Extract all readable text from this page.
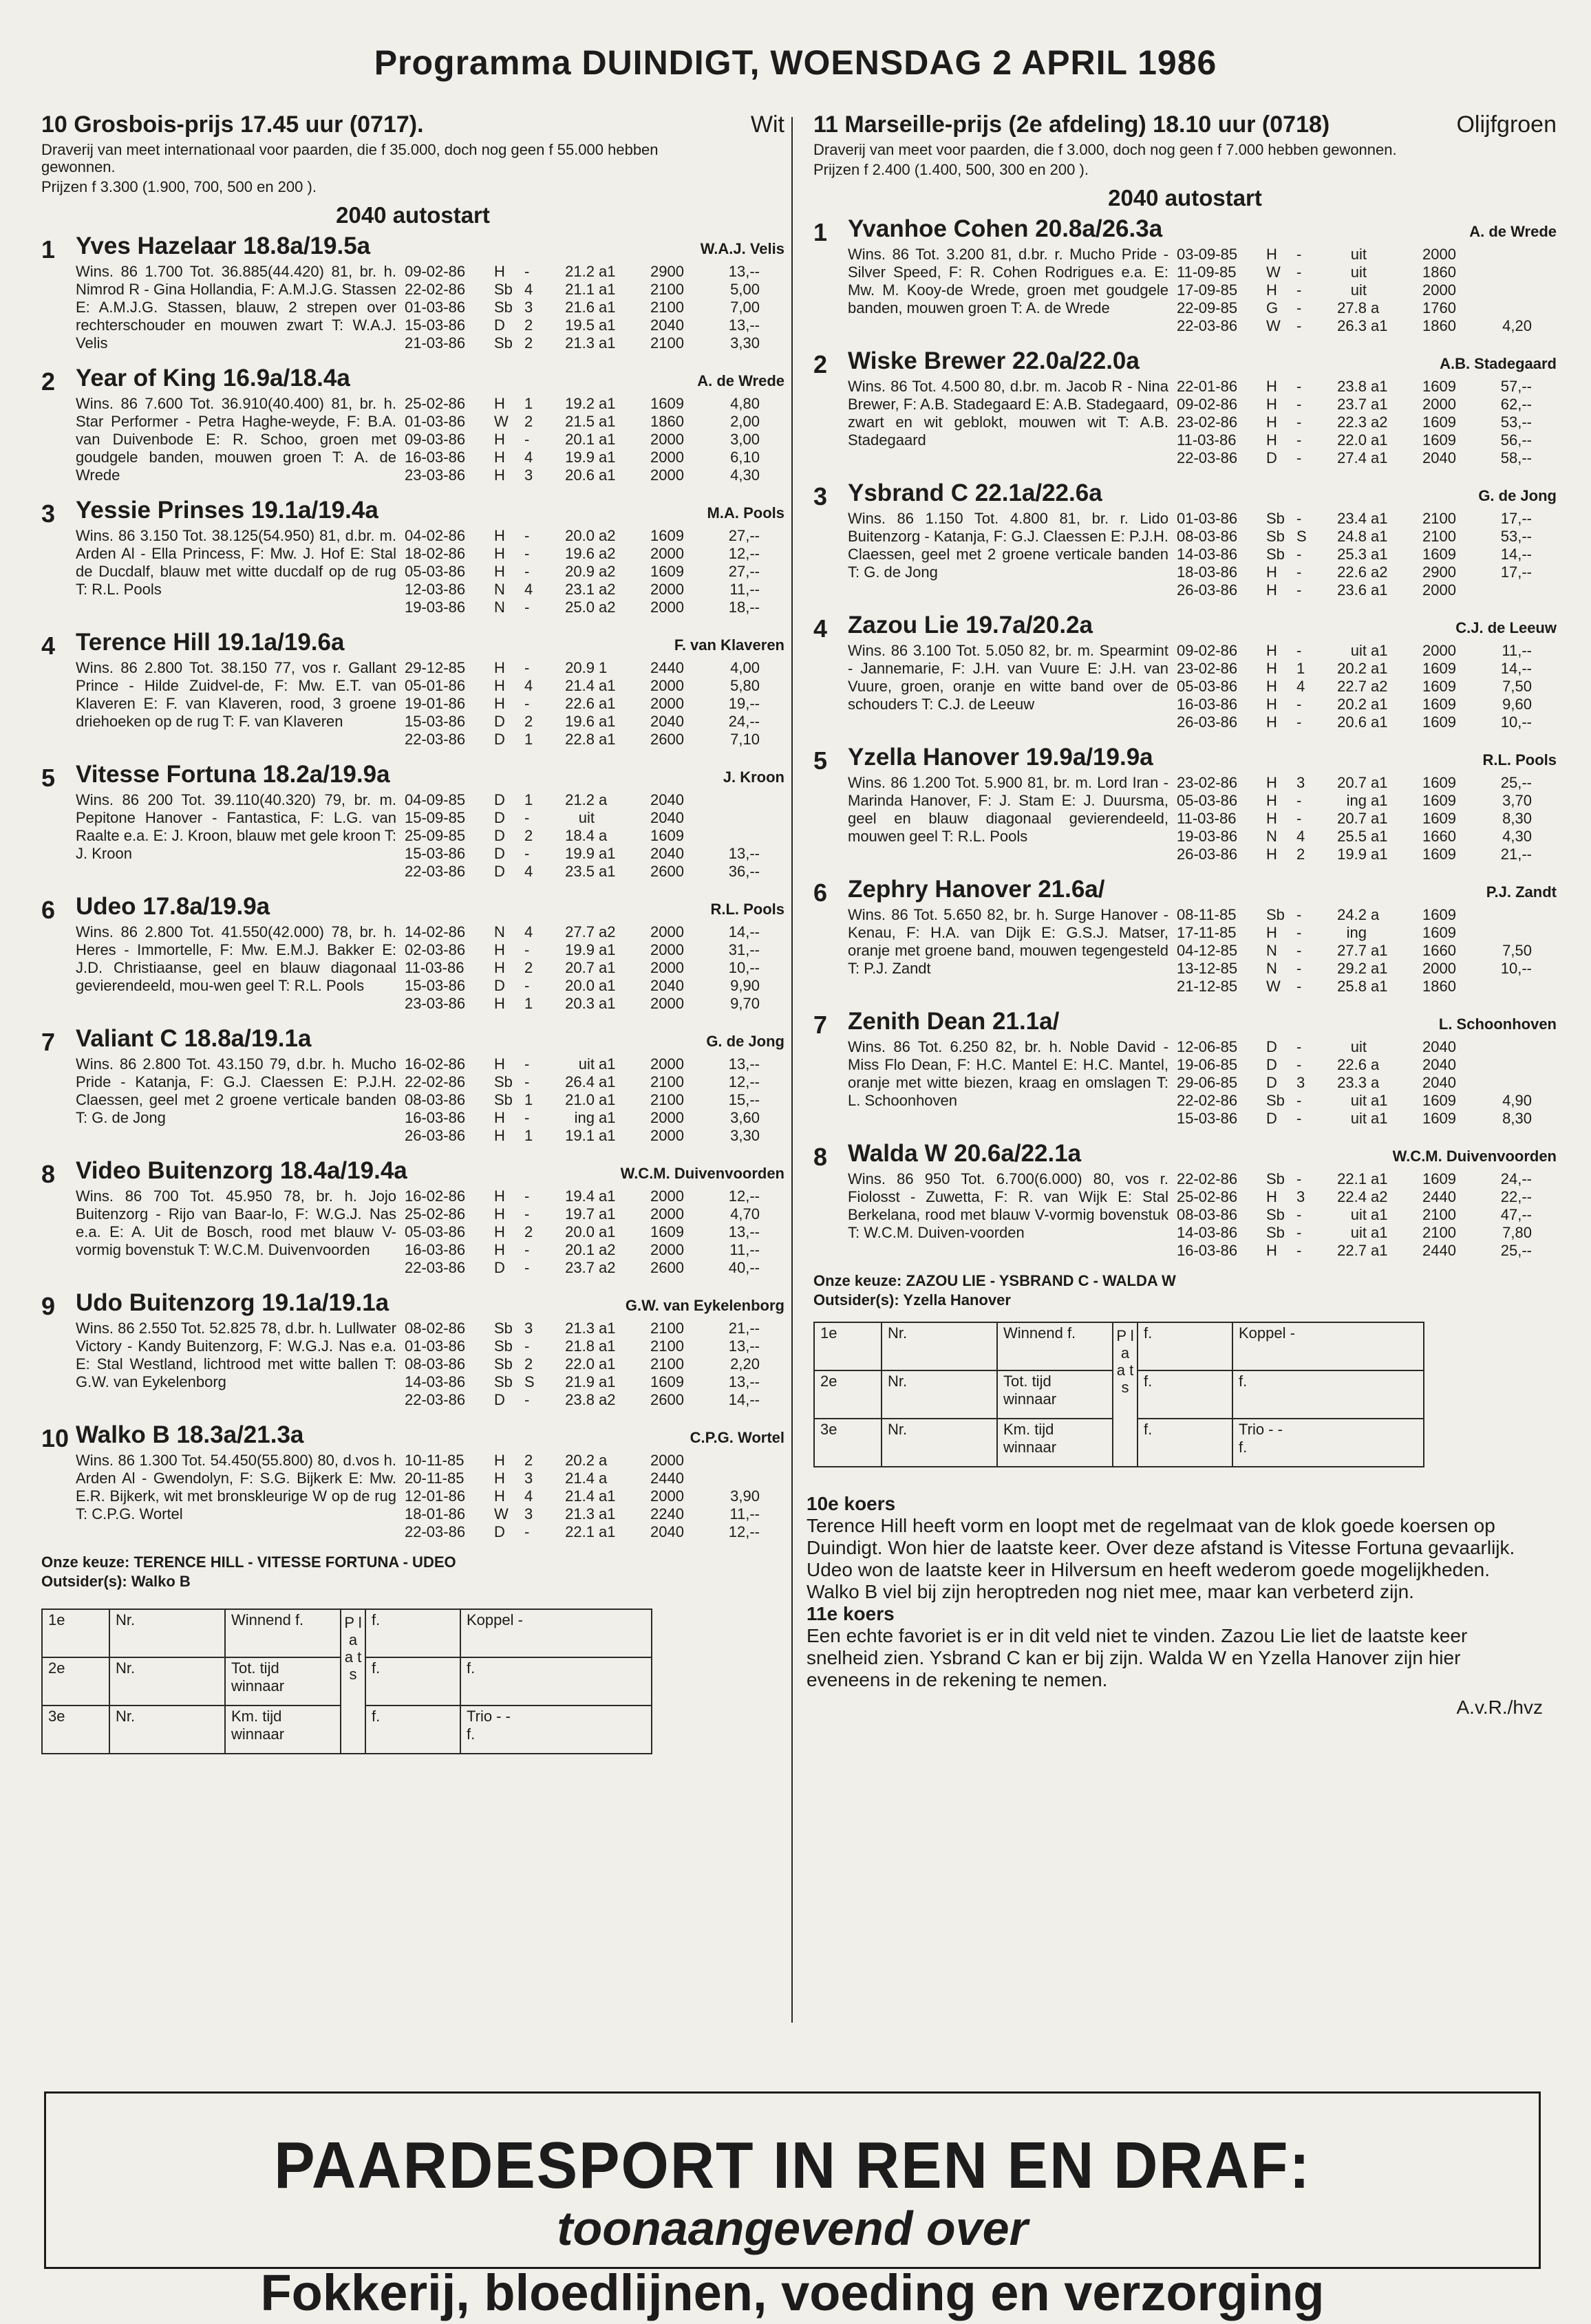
Programma DUINDIGT, WOENSDAG 2 APRIL 1986
10 Grosbois-prijs 17.45 uur (0717).	Wit
Draverij van meet internationaal voor paarden, die f 35.000, doch nog geen f 55.000 hebben gewonnen.
Prijzen f 3.300 (1.900, 700, 500 en 200 ).
2040 autostart
1 Yves Hazelaar 18.8a/19.5a	W.A.J. Velis
Wins. 86 1.700 Tot. 36.885(44.420) 81, br. h. Nimrod R - Gina Hollandia, F: A.M.J.G. Stassen E: A.M.J.G. Stassen, blauw, 2 strepen over rechterschouder en mouwen zwart T: W.A.J. Velis
09-02-86	H	-	21.2 a1	2900	13,--
22-02-86	Sb 4	21.1 a1	2100	5,00
01-03-86	Sb 3	21.6 a1	2100	7,00
15-03-86	D	2	19.5 a1	2040	13,--
21-03-86	Sb 2	21.3 a1	2100	3,30
2 Year of King 16.9a/18.4a	A. de Wrede
Wins. 86 7.600 Tot. 36.910(40.400) 81, br. h. Star Performer - Petra Haghe-weyde, F: B.A. van Duivenbode E: R. Schoo, groen met goudgele banden, mouwen groen T: A. de Wrede
25-02-86	H	1	19.2 a1	1609	4,80
01-03-86	W	2	21.5 a1	1860	2,00
09-03-86	H	-	20.1 a1	2000	3,00
16-03-86	H	4	19.9 a1	2000	6,10
23-03-86	H	3	20.6 a1	2000	4,30
3 Yessie Prinses 19.1a/19.4a	M.A. Pools
Wins. 86 3.150 Tot. 38.125(54.950) 81, d.br. m. Arden Al - Ella Princess, F: Mw. J. Hof E: Stal de Ducdalf, blauw met witte ducdalf op de rug T: R.L. Pools
04-02-86	H	-	20.0 a2	1609	27,--
18-02-86	H	-	19.6 a2	2000	12,--
05-03-86	H	-	20.9 a2	1609	27,--
12-03-86	N	4	23.1 a2	2000	11,--
19-03-86	N	-	25.0 a2	2000	18,--
4 Terence Hill 19.1a/19.6a	F. van Klaveren
Wins. 86 2.800 Tot. 38.150 77, vos r. Gallant Prince - Hilde Zuidvel-de, F: Mw. E.T. van Klaveren E: F. van Klaveren, rood, 3 groene driehoeken op de rug T: F. van Klaveren
29-12-85	H	-	20.9 1	2440	4,00
05-01-86	H	4	21.4 a1	2000	5,80
19-01-86	H	-	22.6 a1	2000	19,--
15-03-86	D	2	19.6 a1	2040	24,--
22-03-86	D	1	22.8 a1	2600	7,10
5 Vitesse Fortuna 18.2a/19.9a	J. Kroon
Wins. 86 200 Tot. 39.110(40.320) 79, br. m. Pepitone Hanover - Fantastica, F: L.G. van Raalte e.a. E: J. Kroon, blauw met gele kroon T: J. Kroon
04-09-85	D	1	21.2 a	2040
15-09-85	D	-	uit	2040
25-09-85	D	2	18.4 a	1609
15-03-86	D	-	19.9 a1	2040	13,--
22-03-86	D	4	23.5 a1	2600	36,--
6 Udeo 17.8a/19.9a	R.L. Pools
Wins. 86 2.800 Tot. 41.550(42.000) 78, br. h. Heres - Immortelle, F: Mw. E.M.J. Bakker E: J.D. Christiaanse, geel en blauw diagonaal gevierendeeld, mou-wen geel T: R.L. Pools
14-02-86	N	4	27.7 a2	2000	14,--
02-03-86	H	-	19.9 a1	2000	31,--
11-03-86	H	2	20.7 a1	2000	10,--
15-03-86	D	-	20.0 a1	2040	9,90
23-03-86	H	1	20.3 a1	2000	9,70
7 Valiant C 18.8a/19.1a	G. de Jong
Wins. 86 2.800 Tot. 43.150 79, d.br. h. Mucho Pride - Katanja, F: G.J. Claessen E: P.J.H. Claessen, geel met 2 groene verticale banden T: G. de Jong
16-02-86	H	-	uit a1	2000	13,--
22-02-86	Sb -	26.4 a1	2100	12,--
08-03-86	Sb 1	21.0 a1	2100	15,--
16-03-86	H	-	ing a1	2000	3,60
26-03-86	H	1	19.1 a1	2000	3,30
8 Video Buitenzorg 18.4a/19.4a	W.C.M. Duivenvoorden
Wins. 86 700 Tot. 45.950 78, br. h. Jojo Buitenzorg - Rijo van Baar-lo, F: W.G.J. Nas e.a. E: A. Uit de Bosch, rood met blauw V-vormig bovenstuk T: W.C.M. Duivenvoorden
16-02-86	H	-	19.4 a1	2000	12,--
25-02-86	H	-	19.7 a1	2000	4,70
05-03-86	H	2	20.0 a1	1609	13,--
16-03-86	H	-	20.1 a2	2000	11,--
22-03-86	D	-	23.7 a2	2600	40,--
9 Udo Buitenzorg 19.1a/19.1a	G.W. van Eykelenborg
Wins. 86 2.550 Tot. 52.825 78, d.br. h. Lullwater Victory - Kandy Buitenzorg, F: W.G.J. Nas e.a. E: Stal Westland, lichtrood met witte ballen T: G.W. van Eykelenborg
08-02-86	Sb 3	21.3 a1	2100	21,--
01-03-86	Sb -	21.8 a1	2100	13,--
08-03-86	Sb 2	22.0 a1	2100	2,20
14-03-86	Sb S	21.9 a1	1609	13,--
22-03-86	D	-	23.8 a2	2600	14,--
10 Walko B 18.3a/21.3a	C.P.G. Wortel
Wins. 86 1.300 Tot. 54.450(55.800) 80, d.vos h. Arden Al - Gwendolyn, F: S.G. Bijkerk E: Mw. E.R. Bijkerk, wit met bronskleurige W op de rug T: C.P.G. Wortel
10-11-85	H	2	20.2 a	2000
20-11-85	H	3	21.4 a	2440
12-01-86	H	4	21.4 a1	2000	3,90
18-01-86	W	3	21.3 a1	2240	11,--
22-03-86	D	-	22.1 a1	2040	12,--
Onze keuze: TERENCE HILL - VITESSE FORTUNA - UDEO
Outsider(s): Walko B
1e	Nr.	Winnend f.	P l a a t s	f.	Koppel -

2e	Nr.	Tot. tijd winnaar		f.	f.
3e	Nr.	Km. tijd winnaar		f.	Trio - -
f.
11 Marseille-prijs (2e afdeling) 18.10 uur (0718)	Olijfgroen
Draverij van meet voor paarden, die f 3.000, doch nog geen f 7.000 hebben gewonnen.
Prijzen f 2.400 (1.400, 500, 300 en 200 ).
2040 autostart
1 Yvanhoe Cohen 20.8a/26.3a	A. de Wrede
Wins. 86 Tot. 3.200 81, d.br. r. Mucho Pride - Silver Speed, F: R. Cohen Rodrigues e.a. E: Mw. M. Kooy-de Wrede, groen met goudgele banden, mouwen groen T: A. de Wrede
03-09-85	H	-	uit	2000
11-09-85	W	-	uit	1860
17-09-85	H	-	uit	2000
22-09-85	G	-	27.8 a	1760
22-03-86	W	-	26.3 a1	1860	4,20
2 Wiske Brewer 22.0a/22.0a	A.B. Stadegaard
Wins. 86 Tot. 4.500 80, d.br. m. Jacob R - Nina Brewer, F: A.B. Stadegaard E: A.B. Stadegaard, zwart en wit geblokt, mouwen wit T: A.B. Stadegaard
22-01-86	H	-	23.8 a1	1609	57,--
09-02-86	H	-	23.7 a1	2000	62,--
23-02-86	H	-	22.3 a2	1609	53,--
11-03-86	H	-	22.0 a1	1609	56,--
22-03-86	D	-	27.4 a1	2040	58,--
3 Ysbrand C 22.1a/22.6a	G. de Jong
Wins. 86 1.150 Tot. 4.800 81, br. r. Lido Buitenzorg - Katanja, F: G.J. Claessen E: P.J.H. Claessen, geel met 2 groene verticale banden T: G. de Jong
01-03-86	Sb -	23.4 a1	2100	17,--
08-03-86	Sb S	24.8 a1	2100	53,--
14-03-86	Sb -	25.3 a1	1609	14,--
18-03-86	H	-	22.6 a2	2900	17,--
26-03-86	H	-	23.6 a1	2000
4 Zazou Lie 19.7a/20.2a	C.J. de Leeuw
Wins. 86 3.100 Tot. 5.050 82, br. m. Spearmint - Jannemarie, F: J.H. van Vuure E: J.H. van Vuure, groen, oranje en witte band over de schouders T: C.J. de Leeuw
09-02-86	H	-	uit a1	2000	11,--
23-02-86	H	1	20.2 a1	1609	14,--
05-03-86	H	4	22.7 a2	1609	7,50
16-03-86	H	-	20.2 a1	1609	9,60
26-03-86	H	-	20.6 a1	1609	10,--
5 Yzella Hanover 19.9a/19.9a	R.L. Pools
Wins. 86 1.200 Tot. 5.900 81, br. m. Lord Iran - Marinda Hanover, F: J. Stam E: J. Duursma, geel en blauw diagonaal gevierendeeld, mouwen geel T: R.L. Pools
23-02-86	H	3	20.7 a1	1609	25,--
05-03-86	H	-	ing a1	1609	3,70
11-03-86	H	-	20.7 a1	1609	8,30
19-03-86	N	4	25.5 a1	1660	4,30
26-03-86	H	2	19.9 a1	1609	21,--
6 Zephry Hanover 21.6a/	P.J. Zandt
Wins. 86 Tot. 5.650 82, br. h. Surge Hanover - Kenau, F: H.A. van Dijk E: G.S.J. Matser, oranje met groene band, mouwen tegengesteld T: P.J. Zandt
08-11-85	Sb -	24.2 a	1609
17-11-85	H	-	ing	1609
04-12-85	N	-	27.7 a1	1660	7,50
13-12-85	N	-	29.2 a1	2000	10,--
21-12-85	W	-	25.8 a1	1860
7 Zenith Dean 21.1a/	L. Schoonhoven
Wins. 86 Tot. 6.250 82, br. h. Noble David - Miss Flo Dean, F: H.C. Mantel E: H.C. Mantel, oranje met witte biezen, kraag en omslagen T: L. Schoonhoven
12-06-85	D	-	uit	2040
19-06-85	D	-	22.6 a	2040
29-06-85	D	3	23.3 a	2040
22-02-86	Sb -	uit a1	1609	4,90
15-03-86	D	-	uit a1	1609	8,30
8 Walda W 20.6a/22.1a	W.C.M. Duivenvoorden
Wins. 86 950 Tot. 6.700(6.000) 80, vos r. Fiolosst - Zuwetta, F: R. van Wijk E: Stal Berkelana, rood met blauw V-vormig bovenstuk T: W.C.M. Duiven-voorden
22-02-86	Sb -	22.1 a1	1609	24,--
25-02-86	H	3	22.4 a2	2440	22,--
08-03-86	Sb -	uit a1	2100	47,--
14-03-86	Sb -	uit a1	2100	7,80
16-03-86	H	-	22.7 a1	2440	25,--
Onze keuze: ZAZOU LIE - YSBRAND C - WALDA W
Outsider(s): Yzella Hanover
1e	Nr.	Winnend f.	P l a a t s	f.	Koppel -

2e	Nr.	Tot. tijd winnaar		f.	f.
3e	Nr.	Km. tijd winnaar		f.	Trio - -
f.
10e koers

Terence Hill heeft vorm en loopt met de regelmaat van de klok goede koersen op Duindigt. Won hier de laatste keer. Over deze afstand is Vitesse Fortuna gevaarlijk. Udeo won de laatste keer in Hilversum en heeft wederom goede mogelijkheden. Walko B viel bij zijn heroptreden nog niet mee, maar kan verbeterd zijn.

11e koers

Een echte favoriet is er in dit veld niet te vinden. Zazou Lie liet de laatste keer snelheid zien. Ysbrand C kan er bij zijn. Walda W en Yzella Hanover zijn hier eveneens in de rekening te nemen.

A.v.R./hvz
PAARDESPORT IN REN EN DRAF:
toonaangevend over
Fokkerij, bloedlijnen, voeding en verzorging
